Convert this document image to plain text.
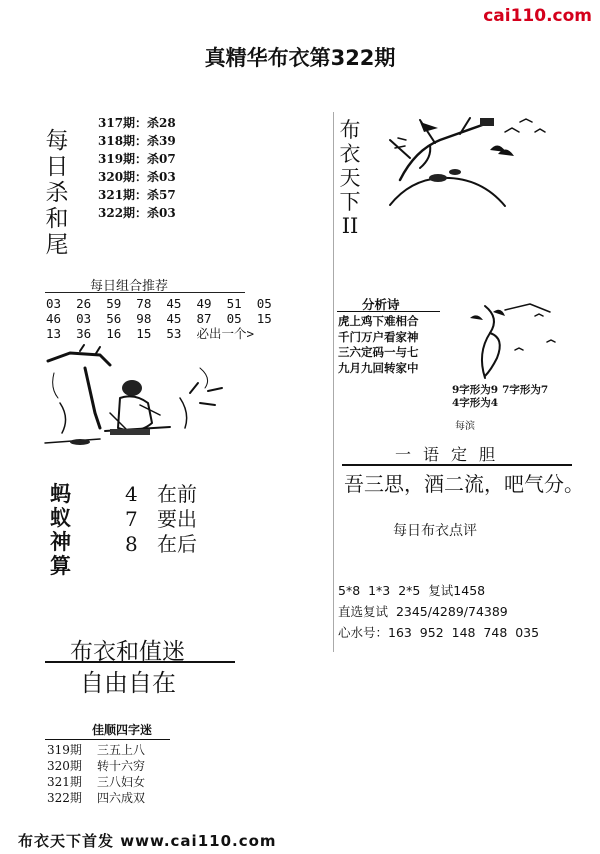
cai110.com
真精华布衣第322期
每
日
杀
和
尾
317期：杀28
318期：杀39
319期：杀07
320期：杀03
321期：杀57
322期：杀03
每日组合推荐
03  26  59  78  45  49  51  05
46  03  56  98  45  87  05  15
13  36  16  15  53  必出一个>
蚂
蚁
神
算
4 在前
7 要出
8 在后
布衣和值迷
自由自在
佳顺四字迷
319期 三五上八
320期 转十六穷
321期 三八妇女
322期 四六成双
布衣天下首发 www.cai110.com
布
衣
天
下
II
分析诗
虎上鸡下难相合
千门万户看家神
三六定码一与七
九月九回转家中
9字形为9 7字形为7
4字形为4
每滨
一语定胆
吾三思，酒二流，吧气分。
每日布衣点评
5*8  1*3  2*5  复试1458
直选复试  2345/4289/74389
心水号：163  952  148  748  035
